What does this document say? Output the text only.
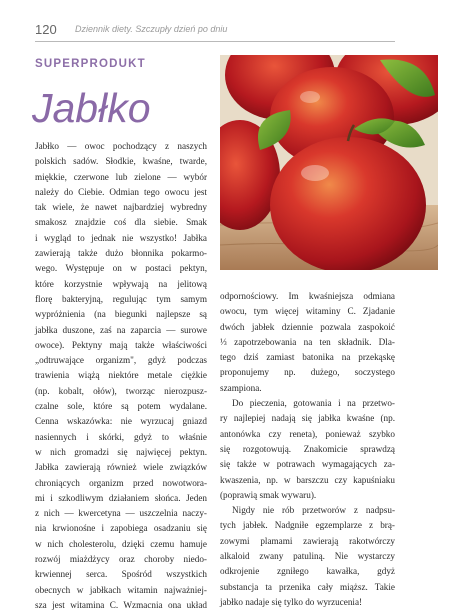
120 Dziennik diety. Szczupły dzień po dniu
SUPERPRODUKT
Jabłko

Jabłko — owoc pochodzący z naszych
polskich sadów. Słodkie, kwaśne, twarde,
miękkie, czerwone lub zielone — wybór
należy do Ciebie. Odmian tego owocu jest
tak wiele, że nawet najbardziej wybredny
smakosz znajdzie coś dla siebie. Smak
i wygląd to jednak nie wszystko! Jabłka
zawierają także dużo błonnika pokarmo-
wego. Występuje on w postaci pektyn,
które korzystnie wpływają na jelitową
florę bakteryjną, regulując tym samym
wypróżnienia (na biegunki najlepsze są
jabłka duszone, zaś na zaparcia — surowe
owoce). Pektyny mają także właściwości
„odtruwające organizm", gdyż podczas
trawienia wiążą niektóre metale ciężkie
(np. kobalt, ołów), tworząc nierozpusz-
czalne sole, które są potem wydalane.
Cenna wskazówka: nie wyrzucaj gniazd
nasiennych i skórki, gdyż to właśnie
w nich gromadzi się najwięcej pektyn.
Jabłka zawierają również wiele związków
chroniących organizm przed nowotwora-
mi i szkodliwym działaniem słońca. Jeden
z nich — kwercetyna — uszczelnia naczy-
nia krwionośne i zapobiega osadzaniu się
w nich cholesterolu, dzięki czemu hamuje
rozwój miażdżycy oraz choroby niedo-
krwiennej serca. Spośród wszystkich
obecnych w jabłkach witamin najważniej-
sza jest witamina C. Wzmacnia ona układ

odpornościowy. Im kwaśniejsza odmiana
owocu, tym więcej witaminy C. Zjadanie
dwóch jabłek dziennie pozwala zaspokoić
⅓ zapotrzebowania na ten składnik. Dla-
tego dziś zamiast batonika na przekąskę
proponujemy np. dużego, soczystego
szampiona.

Do pieczenia, gotowania i na przetwo-
ry najlepiej nadają się jabłka kwaśne (np.
antonówka czy reneta), ponieważ szybko
się rozgotowują. Znakomicie sprawdzą
się także w potrawach wymagających za-
kwaszenia, np. w barszczu czy kapuśniaku
(poprawią smak wywaru).

Nigdy nie rób przetworów z nadpsu-
tych jabłek. Nadgniłe egzemplarze z brą-
zowymi plamami zawierają rakotwórczy
alkaloid zwany patuliną. Nie wystarczy
odkrojenie zgniłego kawałka, gdyż
substancja ta przenika cały miąższ. Takie
jabłko nadaje się tylko do wyrzucenia!
